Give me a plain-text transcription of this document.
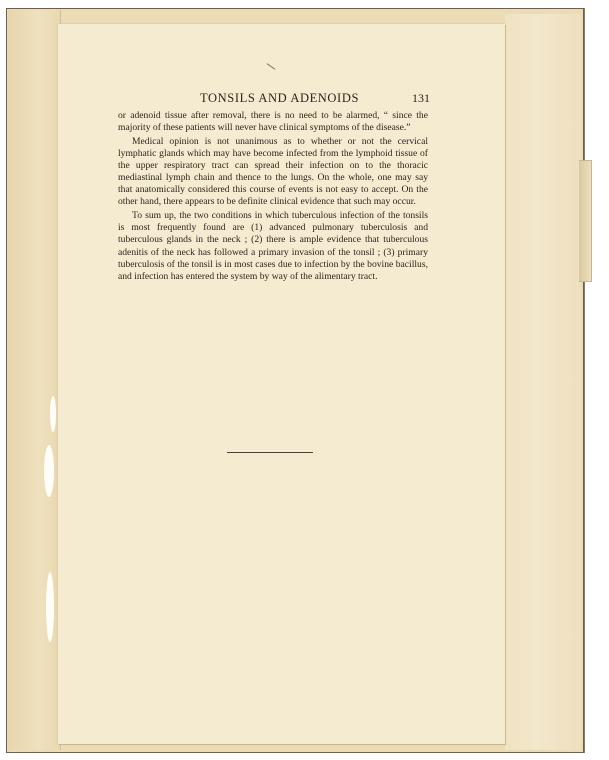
TONSILS AND ADENOIDS	131

or adenoid tissue after removal, there is no need to be alarmed, “ since the majority of these patients will never have clinical symptoms of the disease.”

Medical opinion is not unanimous as to whether or not the cervical lymphatic glands which may have become infected from the lymphoid tissue of the upper respiratory tract can spread their infection on to the thoracic mediastinal lymph chain and thence to the lungs. On the whole, one may say that anatomically considered this course of events is not easy to accept. On the other hand, there appears to be definite clinical evidence that such may occur.

To sum up, the two conditions in which tuberculous infection of the tonsils is most frequently found are (1) advanced pulmonary tuberculosis and tuberculous glands in the neck ; (2) there is ample evidence that tuberculous adenitis of the neck has followed a primary invasion of the tonsil ; (3) primary tuberculosis of the tonsil is in most cases due to infection by the bovine bacillus, and infection has entered the system by way of the alimentary tract.
